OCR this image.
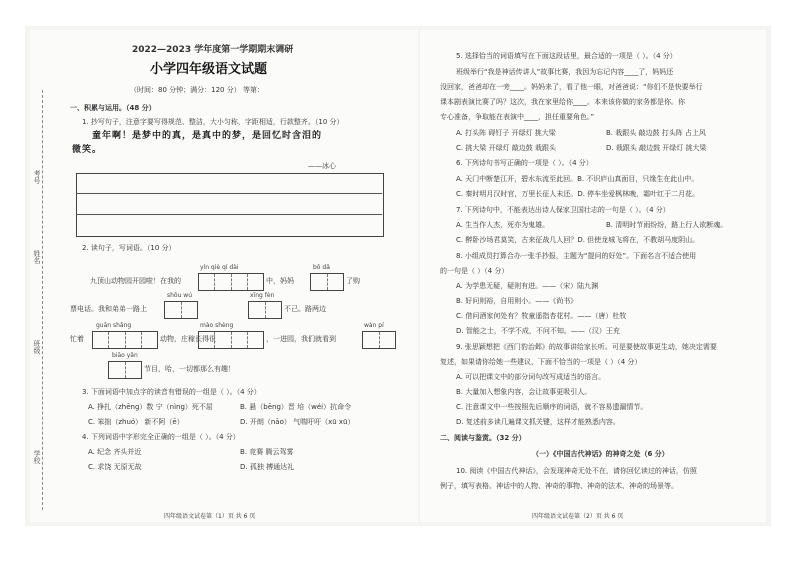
考号
姓名
班级
学校
2022—2023 学年度第一学期期末调研
小学四年级语文试题
（时间：80 分钟；满分：120 分） 等第：
一、积累与运用。（48 分）
1. 抄写句子，注意字要写得规范、整洁，大小匀称，字距相适，行款整齐。（10 分）
童年啊！是梦中的真，是真中的梦，是回忆时含泪的
微笑。
——冰心
2. 读句子，写词语。（10 分）
yín qiè qí dài	bō dǎ
九顶山动物园开园啦！在我的	中，妈妈	了购
shōu wú	xīng fèn
票电话。我和弟弟一路上	不己。路两边
guān shǎng	mào shèng	wàn pí
忙着	动物，庄稼长得很	，一进园，我们就看到
biāo yǎn
节目，哈，一切都那么有趣！
3. 下面词语中加点字的读音有错误的一组是（ ）。（4 分）
A. 挣扎（zhēng）数 宁（nìng）死不屈	B. 悬（bēng）晋 培（wéi）抗命令
C. 笨拙（zhuó） 新不阿（ē）	D. 开朗（nāo） 气喘吁吁（xū xū）
4. 下列词语中字形完全正确的一组是（ ）。（4 分）
A. 纪念 齐头并近	B. 竞赛 腾云驾雾
C. 求饶 无原无故	D. 孤独 搏通达礼
四年级语文试卷第（1）页 共 6 页
5. 选择恰当的词语填写在下面这段话里，最合适的一项是（ ）。（4 分）
班级举行“我是神话传讲人”故事比赛，我因为忘记内容____了，妈妈还
没回家，爸爸却在一旁____。妈妈来了，看了他一眼，对爸爸说：“你们不是快要举行
课本剧表演比赛了吗？这次，我在家里给你____。本来该你做的家务都是你。你
专心准备，争取能在表演中____，担任重要角色。”
A. 打头阵 碍钉子 开绿灯 挑大梁	B. 栽跟头 敲边鼓 打头阵 占上风
C. 挑大梁 开绿灯 敲边鼓 栽跟头	D. 栽跟头 敲边鼓 开绿灯 挑大梁
6. 下列诗句书写正确的一项是（ ）。（4 分）
A. 天门中断楚江开，碧水东流至此回。B. 不识庐山真面目，只缘生在此山中。
C. 秦时明月汉时官，万里长征人未还。D. 停车坐爱枫林晚，霜叶红于二月花。
7. 下列诗句中，不能表达出诗人保家卫国壮志的一句是（ ）。（4 分）
A. 生当作人杰，死亦为鬼雄。	B. 清明时节雨纷纷，路上行人欲断魂。
C. 醉卧沙场君莫笑，古来征战几人回？D. 但使龙城飞将在，不教胡马度阴山。
8. 小组成员打算合办一张手抄报，主题为“提问的好处”。下面名言不适合使用
的一句是（ ）（4 分）
A. 为学患无疑，疑则有进。——（宋）陆九渊
B. 好问则裕，自用则小。——《尚书》
C. 借问酒家何处有？牧童遥指杏花村。——（唐）杜牧
D. 智能之士，不学不成，不问不知。——（汉）王充
9. 张思颖想把《西门豹治邺》的故事讲给家长听。可是要使故事更生动，她决定需要
复述，如果请你给她一些建议，下面不恰当的一项是（ ）（4 分）
A. 可以把课文中的部分词句改写成适当的语言。
B. 大量加入想象内容，会让故事更吸引人。
C. 注意课文中一些按照先后顺序的词语，就不容易遗漏情节。
D. 复述前多读几遍课文抓关键，这样才能熟悉内容。
二、阅读与鉴赏。（32 分）
（一）《中国古代神话》的神奇之处（6 分）
10. 阅读《中国古代神话》，会发现神奇无处不在，请你回忆读过的神话，仿照
例子，填写表格。神话中的人物、神奇的事物、神奇的法术、神奇的场景等。
四年级语文试卷第（2）页 共 6 页
